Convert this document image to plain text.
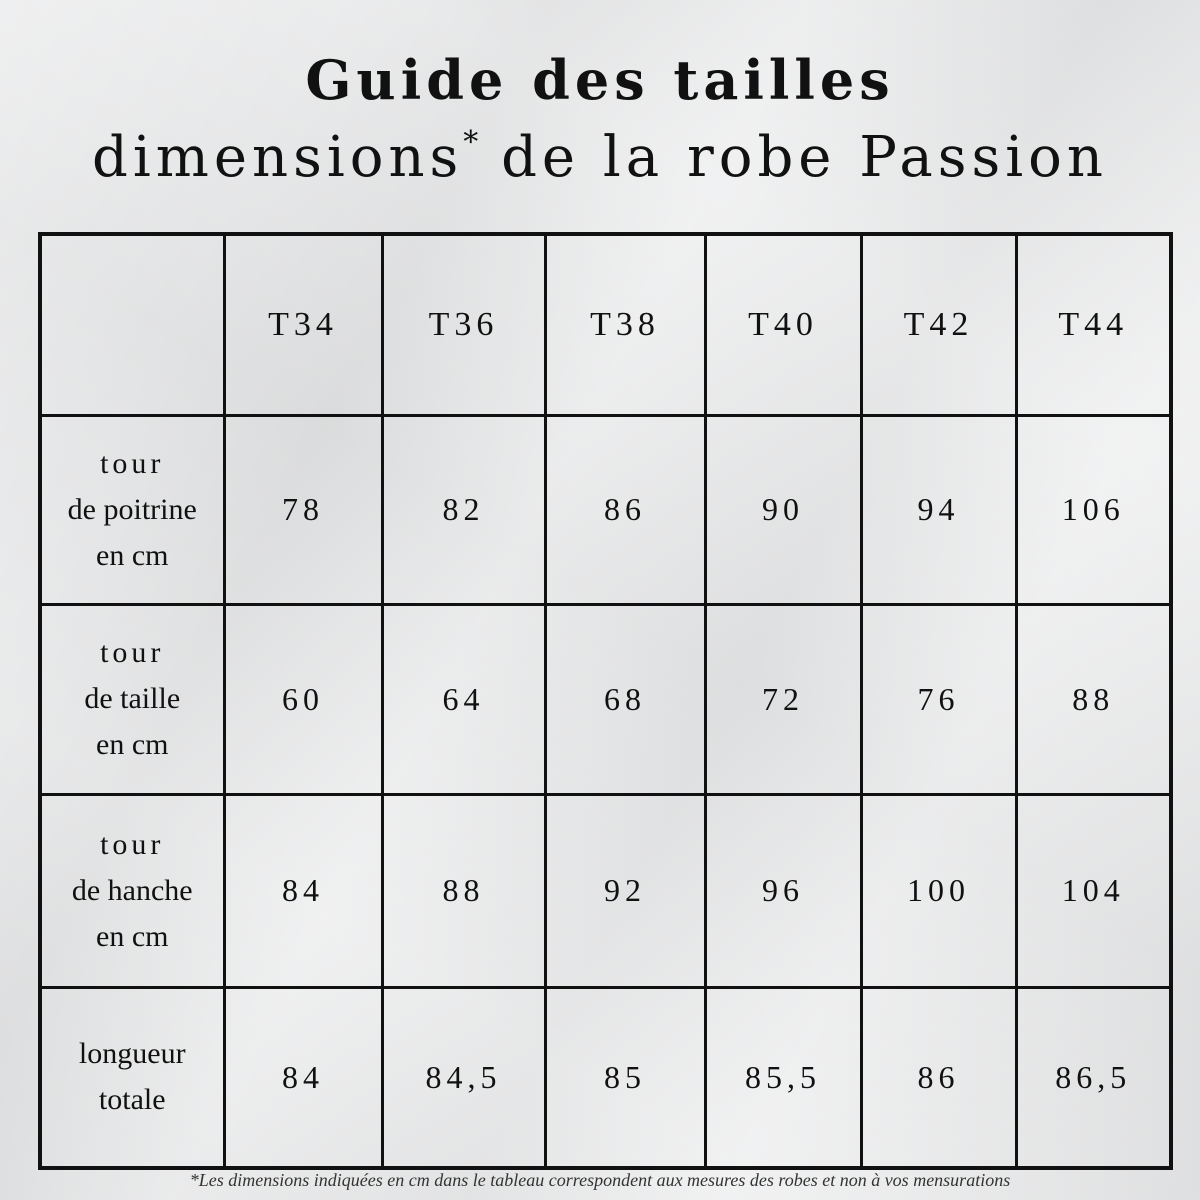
Guide des tailles
dimensions* de la robe Passion
	T34	T36	T38	T40	T42	T44

tour
de poitrine
en cm	78	82	86	90	94	106

tour
de taille
en cm	60	64	68	72	76	88

tour
de hanche
en cm	84	88	92	96	100	104

longueur
totale	84	84,5	85	85,5	86	86,5

*Les dimensions indiquées en cm dans le tableau correspondent aux mesures des robes et non à vos mensurations
